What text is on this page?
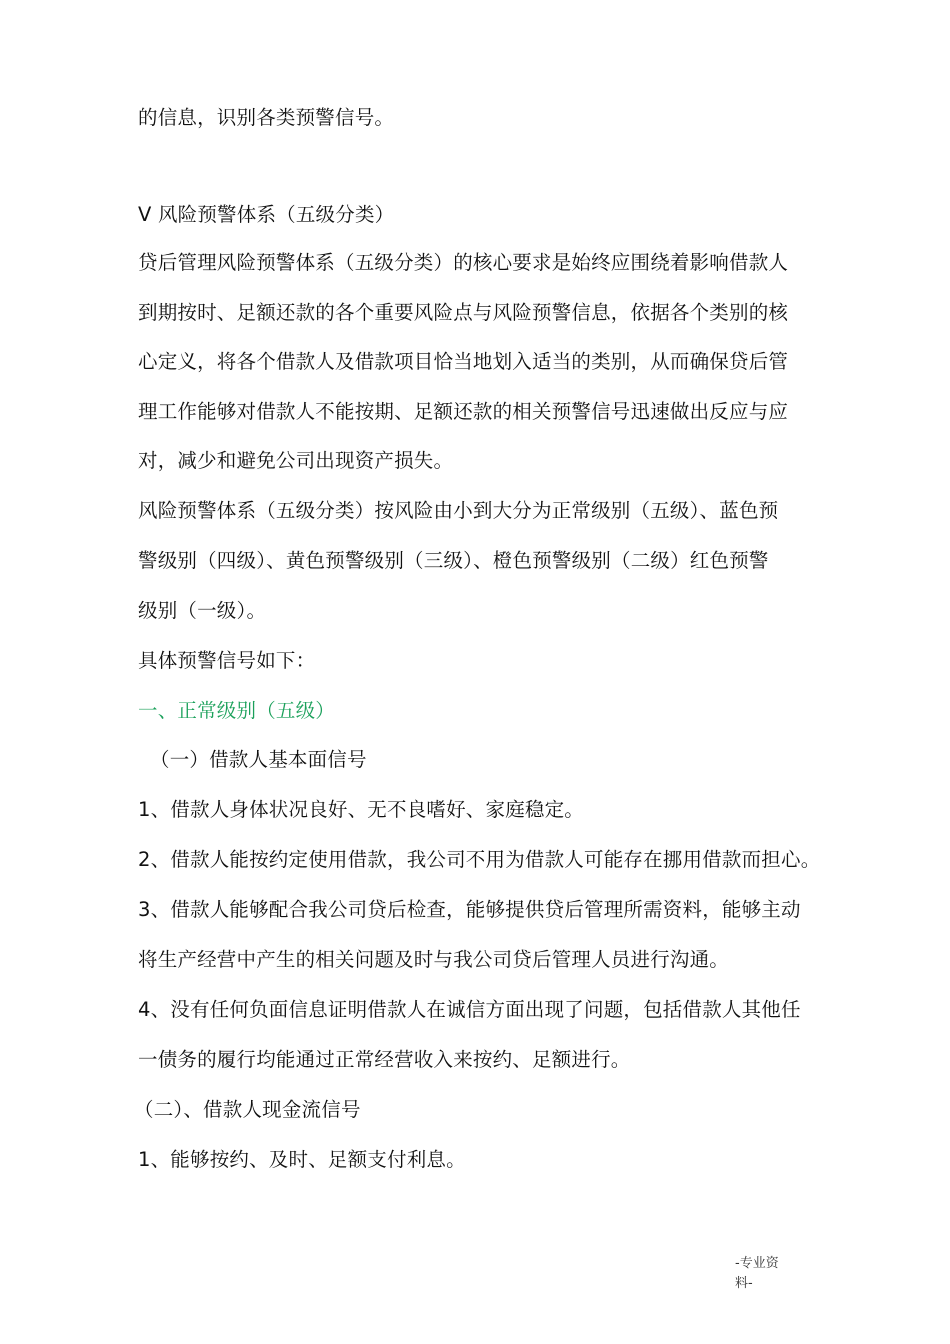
的信息，识别各类预警信号。
V 风险预警体系（五级分类）
贷后管理风险预警体系（五级分类）的核心要求是始终应围绕着影响借款人
到期按时、足额还款的各个重要风险点与风险预警信息，依据各个类别的核
心定义，将各个借款人及借款项目恰当地划入适当的类别，从而确保贷后管
理工作能够对借款人不能按期、足额还款的相关预警信号迅速做出反应与应
对，减少和避免公司出现资产损失。
风险预警体系（五级分类）按风险由小到大分为正常级别（五级）、蓝色预
警级别（四级）、黄色预警级别（三级）、橙色预警级别（二级）红色预警
级别（一级）。
具体预警信号如下：
一、正常级别（五级）
（一）借款人基本面信号
1、借款人身体状况良好、无不良嗜好、家庭稳定。
2、借款人能按约定使用借款，我公司不用为借款人可能存在挪用借款而担心。
3、借款人能够配合我公司贷后检查，能够提供贷后管理所需资料，能够主动
将生产经营中产生的相关问题及时与我公司贷后管理人员进行沟通。
4、没有任何负面信息证明借款人在诚信方面出现了问题，包括借款人其他任
一债务的履行均能通过正常经营收入来按约、足额进行。
（二）、借款人现金流信号
1、能够按约、及时、足额支付利息。
-专业资
料-
